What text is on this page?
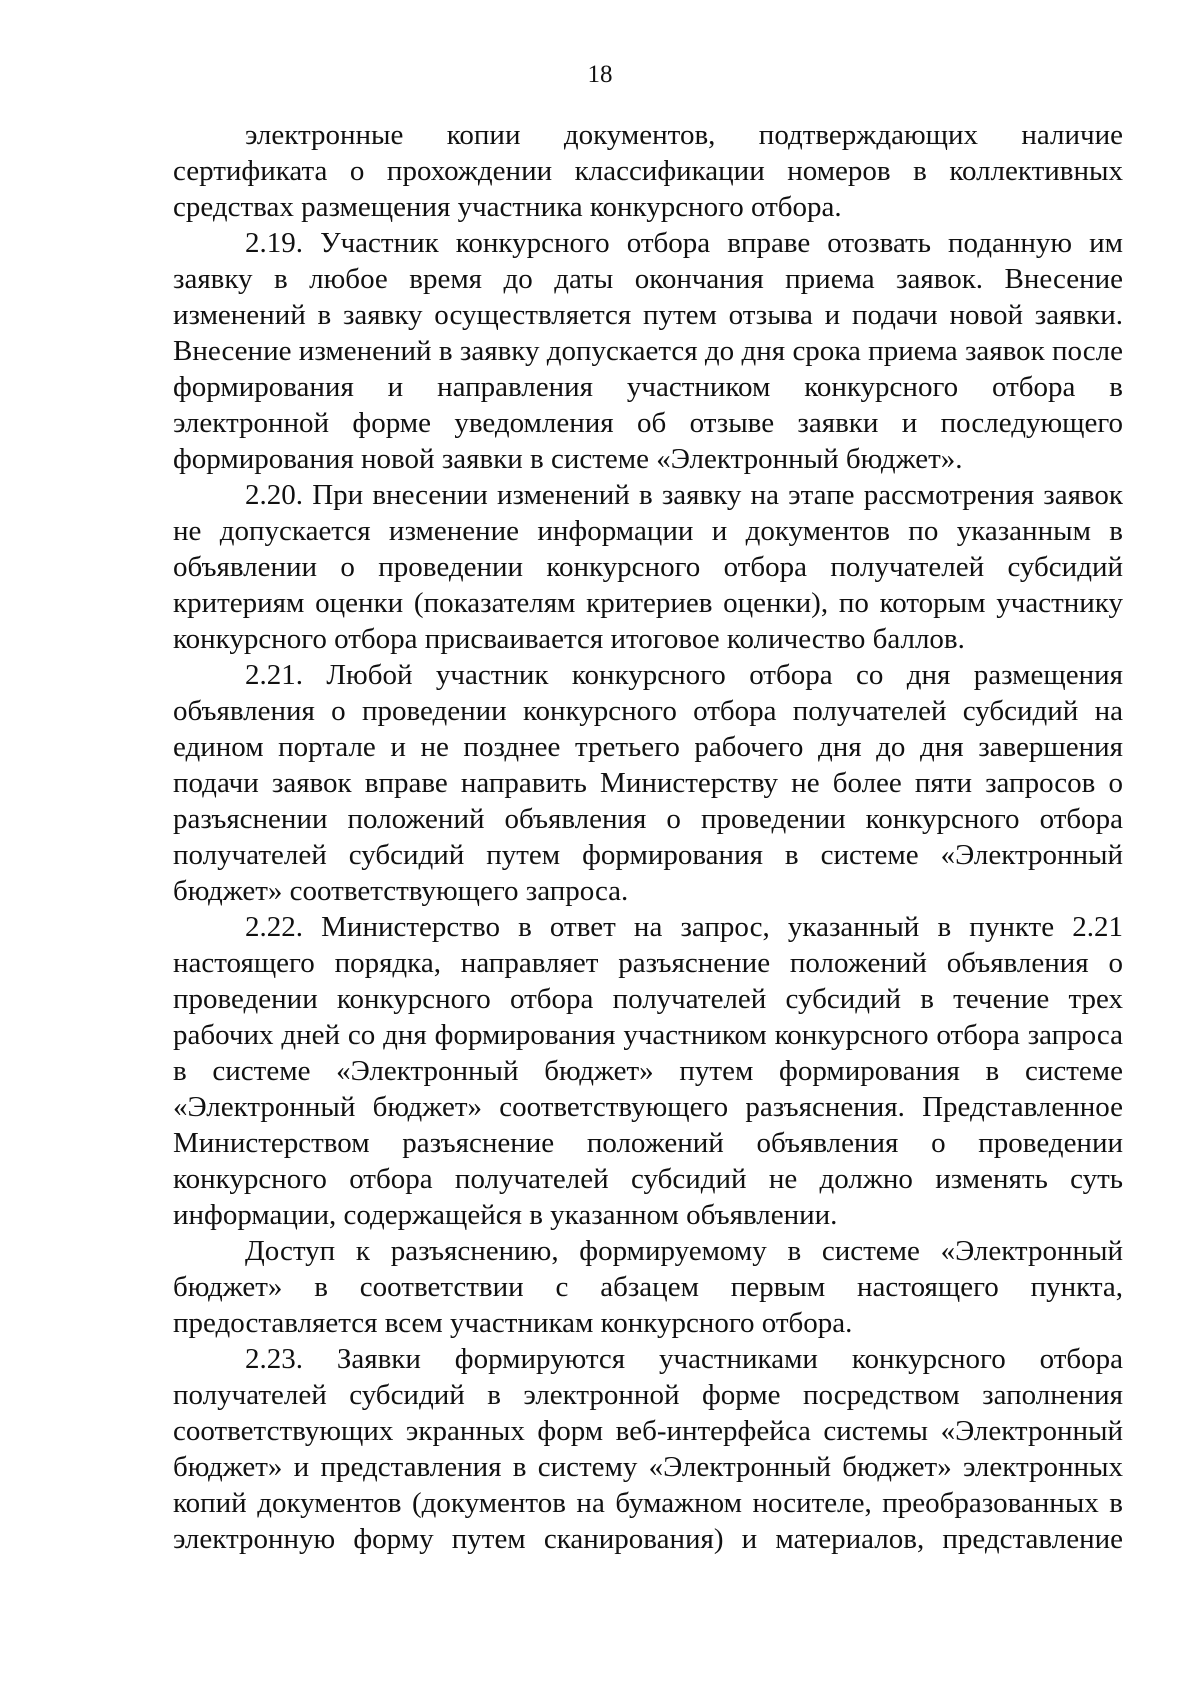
18

электронные копии документов, подтверждающих наличие сертификата о прохождении классификации номеров в коллективных средствах размещения участника конкурсного отбора.

2.19. Участник конкурсного отбора вправе отозвать поданную им заявку в любое время до даты окончания приема заявок. Внесение изменений в заявку осуществляется путем отзыва и подачи новой заявки. Внесение изменений в заявку допускается до дня срока приема заявок после формирования и направления участником конкурсного отбора в электронной форме уведомления об отзыве заявки и последующего формирования новой заявки в системе «Электронный бюджет».

2.20. При внесении изменений в заявку на этапе рассмотрения заявок не допускается изменение информации и документов по указанным в объявлении о проведении конкурсного отбора получателей субсидий критериям оценки (показателям критериев оценки), по которым участнику конкурсного отбора присваивается итоговое количество баллов.

2.21. Любой участник конкурсного отбора со дня размещения объявления о проведении конкурсного отбора получателей субсидий на едином портале и не позднее третьего рабочего дня до дня завершения подачи заявок вправе направить Министерству не более пяти запросов о разъяснении положений объявления о проведении конкурсного отбора получателей субсидий путем формирования в системе «Электронный бюджет» соответствующего запроса.

2.22. Министерство в ответ на запрос, указанный в пункте 2.21 настоящего порядка, направляет разъяснение положений объявления о проведении конкурсного отбора получателей субсидий в течение трех рабочих дней со дня формирования участником конкурсного отбора запроса в системе «Электронный бюджет» путем формирования в системе «Электронный бюджет» соответствующего разъяснения. Представленное Министерством разъяснение положений объявления о проведении конкурсного отбора получателей субсидий не должно изменять суть информации, содержащейся в указанном объявлении.

Доступ к разъяснению, формируемому в системе «Электронный бюджет» в соответствии с абзацем первым настоящего пункта, предоставляется всем участникам конкурсного отбора.

2.23. Заявки формируются участниками конкурсного отбора получателей субсидий в электронной форме посредством заполнения соответствующих экранных форм веб-интерфейса системы «Электронный бюджет» и представления в систему «Электронный бюджет» электронных копий документов (документов на бумажном носителе, преобразованных в электронную форму путем сканирования) и материалов, представление
